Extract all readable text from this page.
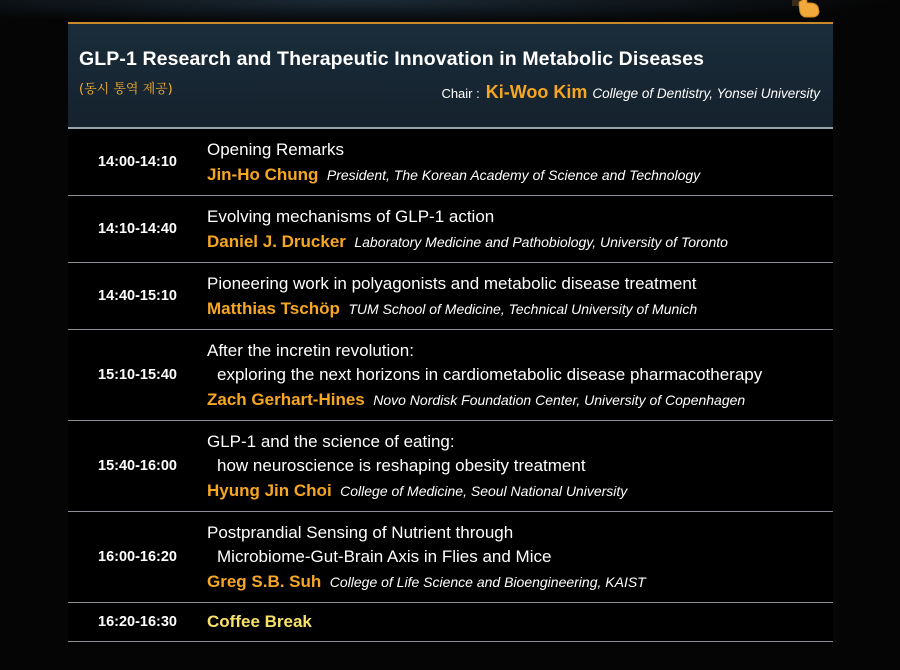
GLP-1 Research and Therapeutic Innovation in Metabolic Diseases
(동시 통역 제공)	Chair : Ki-Woo Kim College of Dentistry, Yonsei University
14:00-14:10
Opening Remarks
Jin-Ho Chung President, The Korean Academy of Science and Technology
14:10-14:40
Evolving mechanisms of GLP-1 action
Daniel J. Drucker Laboratory Medicine and Pathobiology, University of Toronto
14:40-15:10
Pioneering work in polyagonists and metabolic disease treatment
Matthias Tschöp TUM School of Medicine, Technical University of Munich
15:10-15:40
After the incretin revolution:
exploring the next horizons in cardiometabolic disease pharmacotherapy
Zach Gerhart-Hines Novo Nordisk Foundation Center, University of Copenhagen
15:40-16:00
GLP-1 and the science of eating:
how neuroscience is reshaping obesity treatment
Hyung Jin Choi College of Medicine, Seoul National University
16:00-16:20
Postprandial Sensing of Nutrient through
Microbiome-Gut-Brain Axis in Flies and Mice
Greg S.B. Suh College of Life Science and Bioengineering, KAIST
16:20-16:30	Coffee Break
